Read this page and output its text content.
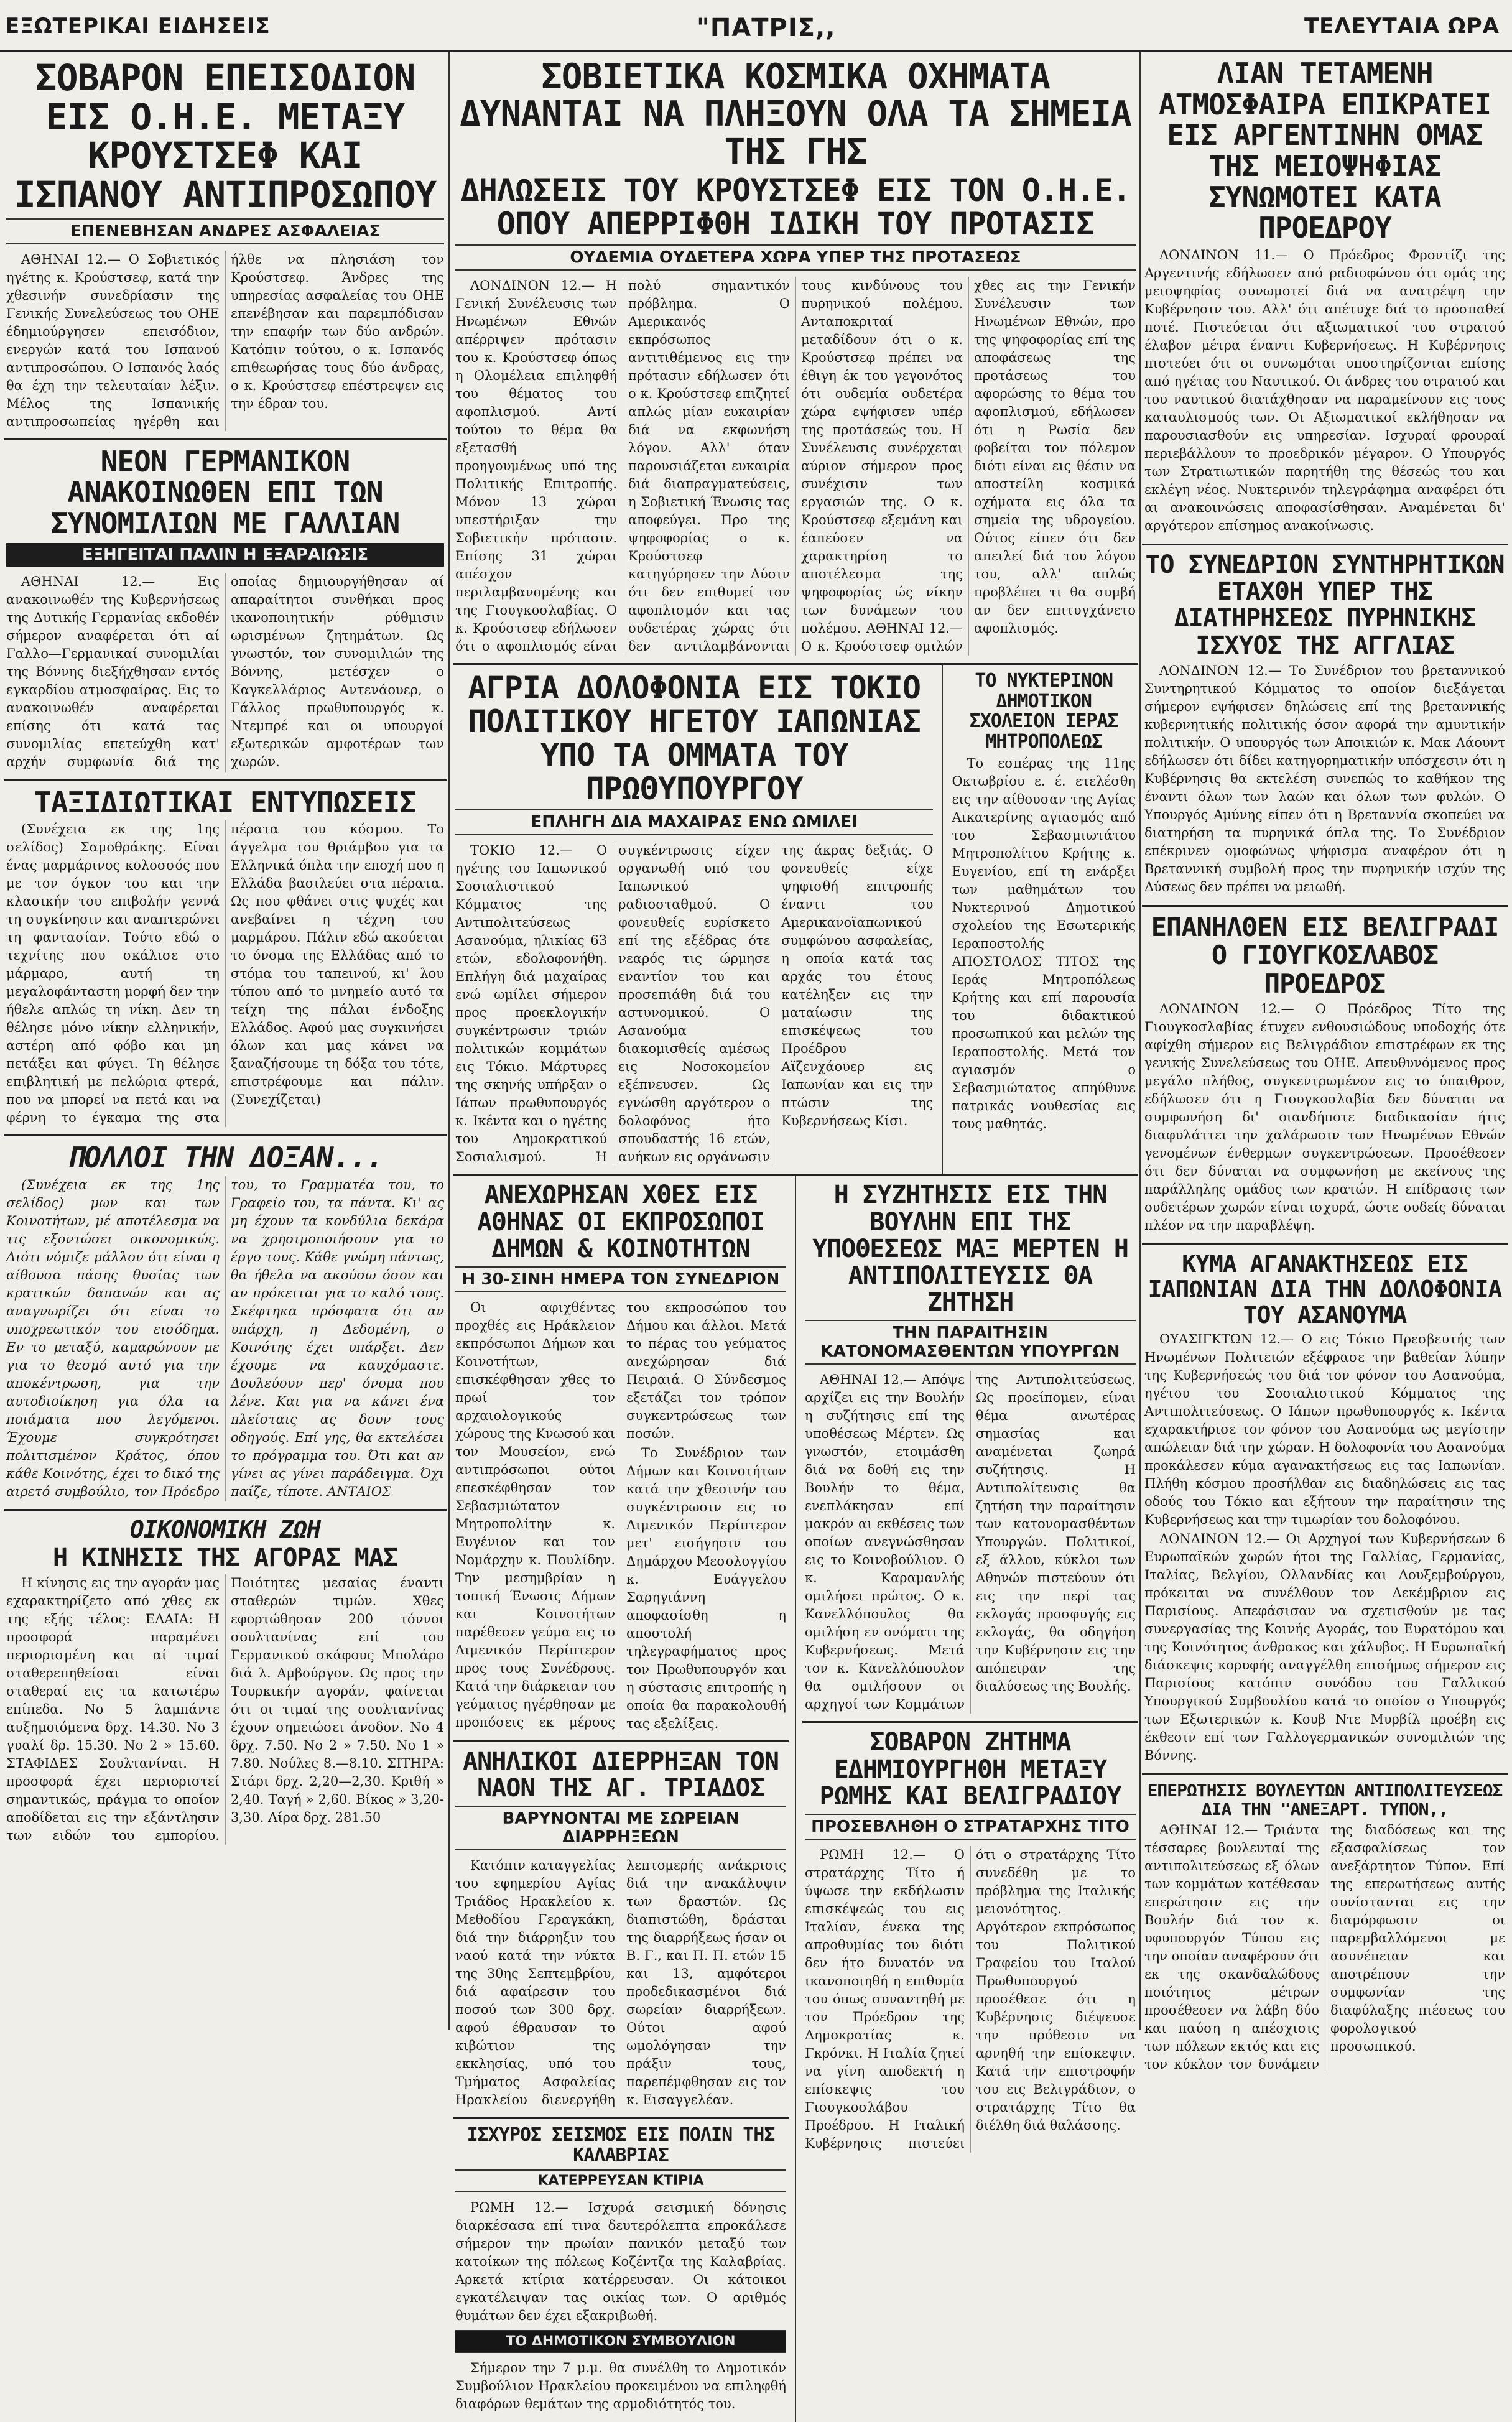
ΕΞΩΤΕΡΙΚΑΙ ΕΙΔΗΣΕΙΣ	"ΠΑΤΡΙΣ,,	ΤΕΛΕΥΤΑΙΑ ΩΡΑ
ΣΟΒΑΡΟΝ ΕΠΕΙΣΟΔΙΟΝ ΕΙΣ Ο.Η.Ε. ΜΕΤΑΞΥ ΚΡΟΥΣΤΣΕΦ ΚΑΙ ΙΣΠΑΝΟΥ ΑΝΤΙΠΡΟΣΩΠΟΥ
ΕΠΕΝΕΒΗΣΑΝ ΑΝΔΡΕΣ ΑΣΦΑΛΕΙΑΣ

ΑΘΗΝΑΙ 12.— Ο Σοβιετικός ηγέτης κ. Κρούστσεφ, κατά την χθεσινήν συνεδρίασιν της Γενικής Συνελεύσεως του ΟΗΕ έδημιούργησεν επεισόδιον, ενεργών κατά του Ισπανού αντιπροσώπου. Ο Ισπανός λαός θα έχη την τελευταίαν λέξιν. Μέλος της Ισπανικής αντιπροσωπείας ηγέρθη και ήλθε να πλησιάση τον Κρούστσεφ. Άνδρες της υπηρεσίας ασφαλείας του ΟΗΕ επενέβησαν και παρεμπόδισαν την επαφήν των δύο ανδρών. Κατόπιν τούτου, ο κ. Ισπανός επιθεωρήσας τους δύο άνδρας, ο κ. Κρούστσεφ επέστρεψεν εις την έδραν του.

ΝΕΟΝ ΓΕΡΜΑΝΙΚΟΝ ΑΝΑΚΟΙΝΩΘΕΝ ΕΠΙ ΤΩΝ ΣΥΝΟΜΙΛΙΩΝ ΜΕ ΓΑΛΛΙΑΝ
ΕΞΗΓΕΙΤΑΙ ΠΑΛΙΝ Η ΕΞΑΡΑΙΩΣΙΣ

ΑΘΗΝΑΙ 12.— Εις ανακοινωθέν της Κυβερνήσεως της Δυτικής Γερμανίας εκδοθέν σήμερον αναφέρεται ότι αί Γαλλο—Γερμανικαί συνομιλίαι της Βόννης διεξήχθησαν εντός εγκαρδίου ατμοσφαίρας. Εις το ανακοινωθέν αναφέρεται επίσης ότι κατά τας συνομιλίας επετεύχθη κατ' αρχήν συμφωνία διά της οποίας δημιουργήθησαν αί απαραίτητοι συνθήκαι προς ικανοποιητικήν ρύθμισιν ωρισμένων ζητημάτων. Ως γνωστόν, τον συνομιλιών της Βόννης, μετέσχεν ο Καγκελλάριος Αντενάουερ, ο Γάλλος πρωθυπουργός κ. Ντεμπρέ και οι υπουργοί εξωτερικών αμφοτέρων των χωρών.

ΤΑΞΙΔΙΩΤΙΚΑΙ ΕΝΤΥΠΩΣΕΙΣ

(Συνέχεια εκ της 1ης σελίδος) Σαμοθράκης. Είναι ένας μαρμάρινος κολοσσός που με τον όγκον του και την κλασικήν του επιβολήν γεννά τη συγκίνησιν και αναπτερώνει τη φαντασίαν. Τούτο εδώ ο τεχνίτης που σκάλισε στο μάρμαρο, αυτή τη μεγαλοφάνταστη μορφή δεν την ήθελε απλώς τη νίκη. Δεν τη θέλησε μόνο νίκην ελληνικήν, αστέρη από φόβο και μη πετάξει και φύγει. Τη θέλησε επιβλητική με πελώρια φτερά, που να μπορεί να πετά και να φέρνη το έγκαμα της στα πέρατα του κόσμου. Το άγγελμα του θριάμβου για τα Ελληνικά όπλα την εποχή που η Ελλάδα βασιλεύει στα πέρατα. Ως που φθάνει στις ψυχές και ανεβαίνει η τέχνη του μαρμάρου. Πάλιν εδώ ακούεται το όνομα της Ελλάδας από το στόμα του ταπεινού, κι' λου τύπου από το μνημείο αυτό τα τείχη της πάλαι ένδοξης Ελλάδος. Αφού μας συγκινήσει όλων και μας κάνει να ξαναζήσουμε τη δόξα του τότε, επιστρέφουμε και πάλιν. (Συνεχίζεται)

ΠΟΛΛΟΙ ΤΗΝ ΔΟΞΑΝ...

(Συνέχεια εκ της 1ης σελίδος) μων και των Κοινοτήτων, μέ αποτέλεσμα να τις εξοντώσει οικονομικώς. Διότι νόμιζε μάλλον ότι είναι η αίθουσα πάσης θυσίας των κρατικών δαπανών και ας αναγνωρίζει ότι είναι το υποχρεωτικόν του εισόδημα. Εν το μεταξύ, καμαρώνουν με για το θεσμό αυτό για την αποκέντρωση, για την αυτοδιοίκηση για όλα τα ποιάματα που λεγόμενοι. Έχουμε συγκρότησει πολιτισμένον Κράτος, όπου κάθε Κοινότης, έχει το δικό της αιρετό συμβούλιο, τον Πρόεδρο του, το Γραμματέα του, το Γραφείο του, τα πάντα. Κι' ας μη έχουν τα κονδύλια δεκάρα να χρησιμοποιήσουν για το έργο τους. Κάθε γνώμη πάντως, θα ήθελα να ακούσω όσον και αν πρόκειται για το καλό τους. Σκέφτηκα πρόσφατα ότι αν υπάρχη, η Δεδομένη, ο Κοινότης έχει υπάρξει. Δεν έχουμε να καυχόμαστε. Δουλεύουν περ' όνομα που λένε. Και για να κάνει ένα πλείσταις ας δουν τους οδηγούς. Επί γης, θα εκτελέσει το πρόγραμμα του. Ότι και αν γίνει ας γίνει παράδειγμα. Όχι παίζε, τίποτε. ΑΝΤΑΙΟΣ

ΟΙΚΟΝΟΜΙΚΗ ΖΩΗ
Η ΚΙΝΗΣΙΣ ΤΗΣ ΑΓΟΡΑΣ ΜΑΣ

Η κίνησις εις την αγοράν μας εχαρακτηρίζετο από χθες εκ της εξής τέλος: ΕΛΑΙΑ: Η προσφορά παραμένει περιορισμένη και αί τιμαί σταθερεπηθείσαι είναι σταθεραί εις τα κατωτέρω επίπεδα. Νο 5 λαμπάντε αυξημοιόμενα δρχ. 14.30. Νο 3 γυαλί δρ. 15.30. Νο 2 » 15.60. ΣΤΑΦΙΔΕΣ Σουλτανίναι. Η προσφορά έχει περιοριστεί σημαντικώς, πράγμα το οποίον αποδίδεται εις την εξάντλησιν των ειδών του εμπορίου. Ποιότητες μεσαίας έναντι σταθερών τιμών. Χθες εφορτώθησαν 200 τόννοι σουλτανίνας επί του Γερμανικού σκάφους Μπολάρο διά λ. Αμβούργον. Ως προς την Τουρκικήν αγοράν, φαίνεται ότι οι τιμαί της σουλτανίνας έχουν σημειώσει άνοδον. Νο 4 δρχ. 7.50. Νο 2 » 7.50. Νο 1 » 7.80. Νούλες 8.—8.10. ΣΙΤΗΡΑ: Στάρι δρχ. 2,20—2,30. Κριθή » 2,40. Ταγή » 2,60. Βίκος » 3,20-3,30. Λίρα δρχ. 281.50

ΣΟΒΙΕΤΙΚΑ ΚΟΣΜΙΚΑ ΟΧΗΜΑΤΑ ΔΥΝΑΝΤΑΙ ΝΑ ΠΛΗΞΟΥΝ ΟΛΑ ΤΑ ΣΗΜΕΙΑ ΤΗΣ ΓΗΣ
ΔΗΛΩΣΕΙΣ ΤΟΥ ΚΡΟΥΣΤΣΕΦ ΕΙΣ ΤΟΝ Ο.Η.Ε. ΟΠΟΥ ΑΠΕΡΡΙΦΘΗ ΙΔΙΚΗ ΤΟΥ ΠΡΟΤΑΣΙΣ
ΟΥΔΕΜΙΑ ΟΥΔΕΤΕΡΑ ΧΩΡΑ ΥΠΕΡ ΤΗΣ ΠΡΟΤΑΣΕΩΣ

ΛΟΝΔΙΝΟΝ 12.— Η Γενική Συνέλευσις των Ηνωμένων Εθνών απέρριψεν πρότασιν του κ. Κρούστσεφ όπως η Ολομέλεια επιληφθή του θέματος του αφοπλισμού. Αντί τούτου το θέμα θα εξετασθή προηγουμένως υπό της Πολιτικής Επιτροπής. Μόνον 13 χώραι υπεστήριξαν την Σοβιετικήν πρότασιν. Επίσης 31 χώραι απέσχον περιλαμβανομένης και της Γιουγκοσλαβίας. Ο κ. Κρούστσεφ εδήλωσεν ότι ο αφοπλισμός είναι πολύ σημαντικόν πρόβλημα. Ο Αμερικανός εκπρόσωπος αντιτιθέμενος εις την πρότασιν εδήλωσεν ότι ο κ. Κρούστσεφ επιζητεί απλώς μίαν ευκαιρίαν διά να εκφωνήση λόγον. Αλλ' όταν παρουσιάζεται ευκαιρία διά διαπραγματεύσεις, η Σοβιετική Ένωσις τας αποφεύγει. Προ της ψηφοφορίας ο κ. Κρούστσεφ κατηγόρησεν την Δύσιν ότι δεν επιθυμεί τον αφοπλισμόν και τας ουδετέρας χώρας ότι δεν αντιλαμβάνονται τους κινδύνους του πυρηνικού πολέμου. Ανταποκριταί μεταδίδουν ότι ο κ. Κρούστσεφ πρέπει να έθιγη έκ του γεγονότος ότι ουδεμία ουδετέρα χώρα εψήφισεν υπέρ της προτάσεώς του. Η Συνέλευσις συνέρχεται αύριον σήμερον προς συνέχισιν των εργασιών της. Ο κ. Κρούστσεφ εξεμάνη και έαπεύσεν να χαρακτηρίση το αποτέλεσμα της ψηφοφορίας ώς νίκην των δυνάμεων του πολέμου. ΑΘΗΝΑΙ 12.—Ο κ. Κρούστσεφ ομιλών χθες εις την Γενικήν Συνέλευσιν των Ηνωμένων Εθνών, προ της ψηφοφορίας επί της αποφάσεως της προτάσεως του αφορώσης το θέμα του αφοπλισμού, εδήλωσεν ότι η Ρωσία δεν φοβείται τον πόλεμον διότι είναι εις θέσιν να αποστείλη κοσμικά οχήματα εις όλα τα σημεία της υδρογείου. Ούτος είπεν ότι δεν απειλεί διά του λόγου του, αλλ' απλώς προβλέπει τι θα συμβή αν δεν επιτυγχάνετο αφοπλισμός.

ΑΓΡΙΑ ΔΟΛΟΦΟΝΙΑ ΕΙΣ ΤΟΚΙΟ ΠΟΛΙΤΙΚΟΥ ΗΓΕΤΟΥ ΙΑΠΩΝΙΑΣ ΥΠΟ ΤΑ ΟΜΜΑΤΑ ΤΟΥ ΠΡΩΘΥΠΟΥΡΓΟΥ
ΕΠΛΗΓΗ ΔΙΑ ΜΑΧΑΙΡΑΣ ΕΝΩ ΩΜΙΛΕΙ

ΤΟΚΙΟ 12.— Ο ηγέτης του Ιαπωνικού Σοσιαλιστικού Κόμματος της Αντιπολιτεύσεως Ασανούμα, ηλικίας 63 ετών, εδολοφονήθη. Επλήγη διά μαχαίρας ενώ ωμίλει σήμερον προς προεκλογικήν συγκέντρωσιν τριών πολιτικών κομμάτων εις Τόκιο. Μάρτυρες της σκηνής υπήρξαν ο Ιάπων πρωθυπουργός κ. Ικέντα και ο ηγέτης του Δημοκρατικού Σοσιαλισμού. Η συγκέντρωσις είχεν οργανωθή υπό του Ιαπωνικού ραδιοσταθμού. Ο φονευθείς ευρίσκετο επί της εξέδρας ότε νεαρός τις ώρμησε εναντίον του και προσεπιάθη διά του αστυνομικού. Ο Ασανούμα διακομισθείς αμέσως εις Νοσοκομείον εξέπνευσεν. Ως εγνώσθη αργότερον ο δολοφόνος ήτο σπουδαστής 16 ετών, ανήκων εις οργάνωσιν της άκρας δεξιάς. Ο φονευθείς είχε ψηφισθή επιτροπής έναντι του Αμερικανοϊαπωνικού συμφώνου ασφαλείας, η οποία κατά τας αρχάς του έτους κατέληξεν εις την ματαίωσιν της επισκέψεως του Προέδρου Αϊζενχάουερ εις Ιαπωνίαν και εις την πτώσιν της Κυβερνήσεως Κίσι.

ΤΟ ΝΥΚΤΕΡΙΝΟΝ ΔΗΜΟΤΙΚΟΝ ΣΧΟΛΕΙΟΝ ΙΕΡΑΣ ΜΗΤΡΟΠΟΛΕΩΣ

Το εσπέρας της 11ης Οκτωβρίου ε. έ. ετελέσθη εις την αίθουσαν της Αγίας Αικατερίνης αγιασμός από του Σεβασμιωτάτου Μητροπολίτου Κρήτης κ. Ευγενίου, επί τη ενάρξει των μαθημάτων του Νυκτερινού Δημοτικού σχολείου της Εσωτερικής Ιεραποστολής ΑΠΟΣΤΟΛΟΣ ΤΙΤΟΣ της Ιεράς Μητροπόλεως Κρήτης και επί παρουσία του διδακτικού προσωπικού και μελών της Ιεραποστολής. Μετά τον αγιασμόν ο Σεβασμιώτατος απηύθυνε πατρικάς νουθεσίας εις τους μαθητάς.

ΑΝΕΧΩΡΗΣΑΝ ΧΘΕΣ ΕΙΣ ΑΘΗΝΑΣ ΟΙ ΕΚΠΡΟΣΩΠΟΙ ΔΗΜΩΝ & ΚΟΙΝΟΤΗΤΩΝ
Η 30-ΣΙΝΗ ΗΜΕΡΑ ΤΟΝ ΣΥΝΕΔΡΙΟΝ

Οι αφιχθέντες προχθές εις Ηράκλειον εκπρόσωποι Δήμων και Κοινοτήτων, επισκέφθησαν χθες το πρωί τον αρχαιολογικούς χώρους της Κνωσού και τον Μουσείον, ενώ αντιπρόσωποι ούτοι επεσκέφθησαν τον Σεβασμιώτατον Μητροπολίτην κ. Ευγένιον και τον Νομάρχην κ. Πουλίδην. Την μεσημβρίαν η τοπική Ένωσις Δήμων και Κοινοτήτων παρέθεσεν γεύμα εις το Λιμενικόν Περίπτερον προς τους Συνέδρους. Κατά την διάρκειαν του γεύματος ηγέρθησαν με προπόσεις εκ μέρους του εκπροσώπου του Δήμου και άλλοι. Μετά το πέρας του γεύματος ανεχώρησαν διά Πειραιά. Ο Σύνδεσμος εξετάζει τον τρόπον συγκεντρώσεως των ποσών.

Το Συνέδριον των Δήμων και Κοινοτήτων κατά την χθεσινήν του συγκέντρωσιν εις το Λιμενικόν Περίπτερον μετ' εισήγησιν του Δημάρχου Μεσολογγίου κ. Ευάγγελου Σαρηγιάννη αποφασίσθη η αποστολή τηλεγραφήματος προς τον Πρωθυπουργόν και η σύστασις επιτροπής η οποία θα παρακολουθή τας εξελίξεις.

ΑΝΗΛΙΚΟΙ ΔΙΕΡΡΗΞΑΝ ΤΟΝ ΝΑΟΝ ΤΗΣ ΑΓ. ΤΡΙΑΔΟΣ
ΒΑΡΥΝΟΝΤΑΙ ΜΕ ΣΩΡΕΙΑΝ ΔΙΑΡΡΗΞΕΩΝ

Κατόπιν καταγγελίας του εφημερίου Αγίας Τριάδος Ηρακλείου κ. Μεθοδίου Γεραγκάκη, διά την διάρρηξιν του ναού κατά την νύκτα της 30ης Σεπτεμβρίου, διά αφαίρεσιν του ποσού των 300 δρχ. αφού έθραυσαν το κιβώτιον της εκκλησίας, υπό του Τμήματος Ασφαλείας Ηρακλείου διενεργήθη λεπτομερής ανάκρισις διά την ανακάλυψιν των δραστών. Ως διαπιστώθη, δράσται της διαρρήξεως ήσαν οι Β. Γ., και Π. Π. ετών 15 και 13, αμφότεροι προδεδικασμένοι διά σωρείαν διαρρήξεων. Ούτοι αφού ωμολόγησαν την πράξιν τους, παρεπέμφθησαν εις τον κ. Εισαγγελέαν.

ΙΣΧΥΡΟΣ ΣΕΙΣΜΟΣ ΕΙΣ ΠΟΛΙΝ ΤΗΣ ΚΑΛΑΒΡΙΑΣ
ΚΑΤΕΡΡΕΥΣΑΝ ΚΤΙΡΙΑ

ΡΩΜΗ 12.— Ισχυρά σεισμική δόνησις διαρκέσασα επί τινα δευτερόλεπτα επροκάλεσε σήμερον την πρωίαν πανικόν μεταξύ των κατοίκων της πόλεως Κοζέντζα της Καλαβρίας. Αρκετά κτίρια κατέρρευσαν. Οι κάτοικοι εγκατέλειψαν τας οικίας των. Ο αριθμός θυμάτων δεν έχει εξακριβωθή.

ΤΟ ΔΗΜΟΤΙΚΟΝ ΣΥΜΒΟΥΛΙΟΝ

Σήμερον την 7 μ.μ. θα συνέλθη το Δημοτικόν Συμβούλιον Ηρακλείου προκειμένου να επιληφθή διαφόρων θεμάτων της αρμοδιότητός του.

Η ΣΥΖΗΤΗΣΙΣ ΕΙΣ ΤΗΝ ΒΟΥΛΗΝ ΕΠΙ ΤΗΣ ΥΠΟΘΕΣΕΩΣ ΜΑΞ ΜΕΡΤΕΝ Η ΑΝΤΙΠΟΛΙΤΕΥΣΙΣ ΘΑ ΖΗΤΗΣΗ
ΤΗΝ ΠΑΡΑΙΤΗΣΙΝ ΚΑΤΟΝΟΜΑΣΘΕΝΤΩΝ ΥΠΟΥΡΓΩΝ

ΑΘΗΝΑΙ 12.— Απόψε αρχίζει εις την Βουλήν η συζήτησις επί της υποθέσεως Μέρτεν. Ως γνωστόν, ετοιμάσθη διά να δοθή εις την Βουλήν το θέμα, ενεπλάκησαν επί μακρόν αι εκθέσεις των οποίων ανεγνώσθησαν εις το Κοινοβούλιον. Ο κ. Καραμανλής ομιλήσει πρώτος. Ο κ. Κανελλόπουλος θα ομιλήση εν ονόματι της Κυβερνήσεως. Μετά τον κ. Κανελλόπουλον θα ομιλήσουν οι αρχηγοί των Κομμάτων της Αντιπολιτεύσεως. Ως προείπομεν, είναι θέμα ανωτέρας σημασίας και αναμένεται ζωηρά συζήτησις. Η Αντιπολίτευσις θα ζητήση την παραίτησιν των κατονομασθέντων Υπουργών. Πολιτικοί, εξ άλλου, κύκλοι των Αθηνών πιστεύουν ότι εις την περί τας εκλογάς προσφυγής εις εκλογάς, θα οδηγήση την Κυβέρνησιν εις την απόπειραν της διαλύσεως της Βουλής.

ΣΟΒΑΡΟΝ ΖΗΤΗΜΑ ΕΔΗΜΙΟΥΡΓΗΘΗ ΜΕΤΑΞΥ ΡΩΜΗΣ ΚΑΙ ΒΕΛΙΓΡΑΔΙΟΥ
ΠΡΟΣΕΒΛΗΘΗ Ο ΣΤΡΑΤΑΡΧΗΣ ΤΙΤΟ

ΡΩΜΗ 12.— Ο στρατάρχης Τίτο ή ύψωσε την εκδήλωσιν επισκέψεώς του εις Ιταλίαν, ένεκα της απροθυμίας του διότι δεν ήτο δυνατόν να ικανοποιηθή η επιθυμία του όπως συναντηθή με τον Πρόεδρον της Δημοκρατίας κ. Γκρόνκι. Η Ιταλία ζητεί να γίνη αποδεκτή η επίσκεψις του Γιουγκοσλάβου Προέδρου. Η Ιταλική Κυβέρνησις πιστεύει ότι ο στρατάρχης Τίτο συνεδέθη με το πρόβλημα της Ιταλικής μειονότητος. Αργότερον εκπρόσωπος του Πολιτικού Γραφείου του Ιταλού Πρωθυπουργού προσέθεσε ότι η Κυβέρνησις διέψευσε την πρόθεσιν να αρνηθή την επίσκεψιν. Κατά την επιστροφήν του εις Βελιγράδιον, ο στρατάρχης Τίτο θα διέλθη διά θαλάσσης.

ΛΙΑΝ ΤΕΤΑΜΕΝΗ ΑΤΜΟΣΦΑΙΡΑ ΕΠΙΚΡΑΤΕΙ ΕΙΣ ΑΡΓΕΝΤΙΝΗΝ ΟΜΑΣ ΤΗΣ ΜΕΙΟΨΗΦΙΑΣ ΣΥΝΩΜΟΤΕΙ ΚΑΤΑ ΠΡΟΕΔΡΟΥ

ΛΟΝΔΙΝΟΝ 11.— Ο Πρόεδρος Φροντίζι της Αργεντινής εδήλωσεν από ραδιοφώνου ότι ομάς της μειοψηφίας συνωμοτεί διά να ανατρέψη την Κυβέρνησιν του. Αλλ' ότι απέτυχε διά το προσπαθεί ποτέ. Πιστεύεται ότι αξιωματικοί του στρατού έλαβον μέτρα έναντι Κυβερνήσεως. Η Κυβέρνησις πιστεύει ότι οι συνωμόται υποστηρίζονται επίσης από ηγέτας του Ναυτικού. Οι άνδρες του στρατού και του ναυτικού διατάχθησαν να παραμείνουν εις τους καταυλισμούς των. Οι Αξιωματικοί εκλήθησαν να παρουσιασθούν εις υπηρεσίαν. Ισχυραί φρουραί περιεβάλλουν το προεδρικόν μέγαρον. Ο Υπουργός των Στρατιωτικών παρητήθη της θέσεώς του και εκλέγη νέος. Νυκτερινόν τηλεγράφημα αναφέρει ότι αι ανακοινώσεις αποφασίσθησαν. Αναμένεται δι' αργότερον επίσημος ανακοίνωσις.

ΤΟ ΣΥΝΕΔΡΙΟΝ ΣΥΝΤΗΡΗΤΙΚΩΝ ΕΤΑΧΘΗ ΥΠΕΡ ΤΗΣ ΔΙΑΤΗΡΗΣΕΩΣ ΠΥΡΗΝΙΚΗΣ ΙΣΧΥΟΣ ΤΗΣ ΑΓΓΛΙΑΣ

ΛΟΝΔΙΝΟΝ 12.— Το Συνέδριον του βρεταννικού Συντηρητικού Κόμματος το οποίον διεξάγεται σήμερον εψήφισεν δηλώσεις επί της βρεταννικής κυβερνητικής πολιτικής όσον αφορά την αμυντικήν πολιτικήν. Ο υπουργός των Αποικιών κ. Μακ Λάουντ εδήλωσεν ότι δίδει κατηγορηματικήν υπόσχεσιν ότι η Κυβέρνησις θα εκτελέση συνεπώς το καθήκον της έναντι όλων των λαών και όλων των φυλών. Ο Υπουργός Αμύνης είπεν ότι η Βρεταννία σκοπεύει να διατηρήση τα πυρηνικά όπλα της. Το Συνέδριον επέκρινεν ομοφώνως ψήφισμα αναφέρον ότι η Βρεταννική συμβολή προς την πυρηνικήν ισχύν της Δύσεως δεν πρέπει να μειωθή.

ΕΠΑΝΗΛΘΕΝ ΕΙΣ ΒΕΛΙΓΡΑΔΙ Ο ΓΙΟΥΓΚΟΣΛΑΒΟΣ ΠΡΟΕΔΡΟΣ

ΛΟΝΔΙΝΟΝ 12.— Ο Πρόεδρος Τίτο της Γιουγκοσλαβίας έτυχεν ενθουσιώδους υποδοχής ότε αφίχθη σήμερον εις Βελιγράδιον επιστρέφων εκ της γενικής Συνελεύσεως του ΟΗΕ. Απευθυνόμενος προς μεγάλο πλήθος, συγκεντρωμένον εις το ύπαιθρον, εδήλωσεν ότι η Γιουγκοσλαβία δεν δύναται να συμφωνήση δι' οιανδήποτε διαδικασίαν ήτις διαφυλάττει την χαλάρωσιν των Ηνωμένων Εθνών γενομένων ένθερμων συγκεντρώσεων. Προσέθεσεν ότι δεν δύναται να συμφωνήση με εκείνους της παράλληλης ομάδος των κρατών. Η επίδρασις των ουδετέρων χωρών είναι ισχυρά, ώστε ουδείς δύναται πλέον να την παραβλέψη.

ΚΥΜΑ ΑΓΑΝΑΚΤΗΣΕΩΣ ΕΙΣ ΙΑΠΩΝΙΑΝ ΔΙΑ ΤΗΝ ΔΟΛΟΦΟΝΙΑ ΤΟΥ ΑΣΑΝΟΥΜΑ

ΟΥΑΣΙΓΚΤΩΝ 12.— Ο εις Τόκιο Πρεσβευτής των Ηνωμένων Πολιτειών εξέφρασε την βαθείαν λύπην της Κυβερνήσεώς του διά τον φόνον του Ασανούμα, ηγέτου του Σοσιαλιστικού Κόμματος της Αντιπολιτεύσεως. Ο Ιάπων πρωθυπουργός κ. Ικέντα εχαρακτήρισε τον φόνον του Ασανούμα ως μεγίστην απώλειαν διά την χώραν. Η δολοφονία του Ασανούμα προκάλεσεν κύμα αγανακτήσεως εις τας Ιαπωνίαν. Πλήθη κόσμου προσήλθαν εις διαδηλώσεις εις τας οδούς του Τόκιο και εξήτουν την παραίτησιν της Κυβερνήσεως και την τιμωρίαν του δολοφόνου.

ΛΟΝΔΙΝΟΝ 12.— Οι Αρχηγοί των Κυβερνήσεων 6 Ευρωπαϊκών χωρών ήτοι της Γαλλίας, Γερμανίας, Ιταλίας, Βελγίου, Ολλανδίας και Λουξεμβούργου, πρόκειται να συνέλθουν τον Δεκέμβριον εις Παρισίους. Απεφάσισαν να σχετισθούν με τας συνεργασίας της Κοινής Αγοράς, του Ευρατόμου και της Κοινότητος άνθρακος και χάλυβος. Η Ευρωπαϊκή διάσκεψις κορυφής αναγγέλθη επισήμως σήμερον εις Παρισίους κατόπιν συνόδου του Γαλλικού Υπουργικού Συμβουλίου κατά το οποίον ο Υπουργός των Εξωτερικών κ. Κουβ Ντε Μυρβίλ προέβη εις έκθεσιν επί των Γαλλογερμανικών συνομιλιών της Βόννης.

ΕΠΕΡΩΤΗΣΙΣ ΒΟΥΛΕΥΤΩΝ ΑΝΤΙΠΟΛΙΤΕΥΣΕΩΣ ΔΙΑ ΤΗΝ "ΑΝΕΞΑΡΤ. ΤΥΠΟΝ,,

ΑΘΗΝΑΙ 12.— Τριάντα τέσσαρες βουλευταί της αντιπολιτεύσεως εξ όλων των κομμάτων κατέθεσαν επερώτησιν εις την Βουλήν διά τον κ. υφυπουργόν Τύπου εις την οποίαν αναφέρουν ότι εκ της σκανδαλώδους ποιότητος μέτρων προσέθεσεν να λάβη δύο και παύση η απέσχισις των πόλεων εκτός και εις τον κύκλον τον δυνάμειν της διαδόσεως και της εξασφαλίσεως τον ανεξάρτητον Τύπον. Επί της επερωτήσεως αυτής συνίστανται εις την διαμόρφωσιν οι παρεμβαλλόμενοι με ασυνέπειαν και αποτρέπουν την συμφωνίαν της διαφύλαξης πιέσεως του φορολογικού προσωπικού.
